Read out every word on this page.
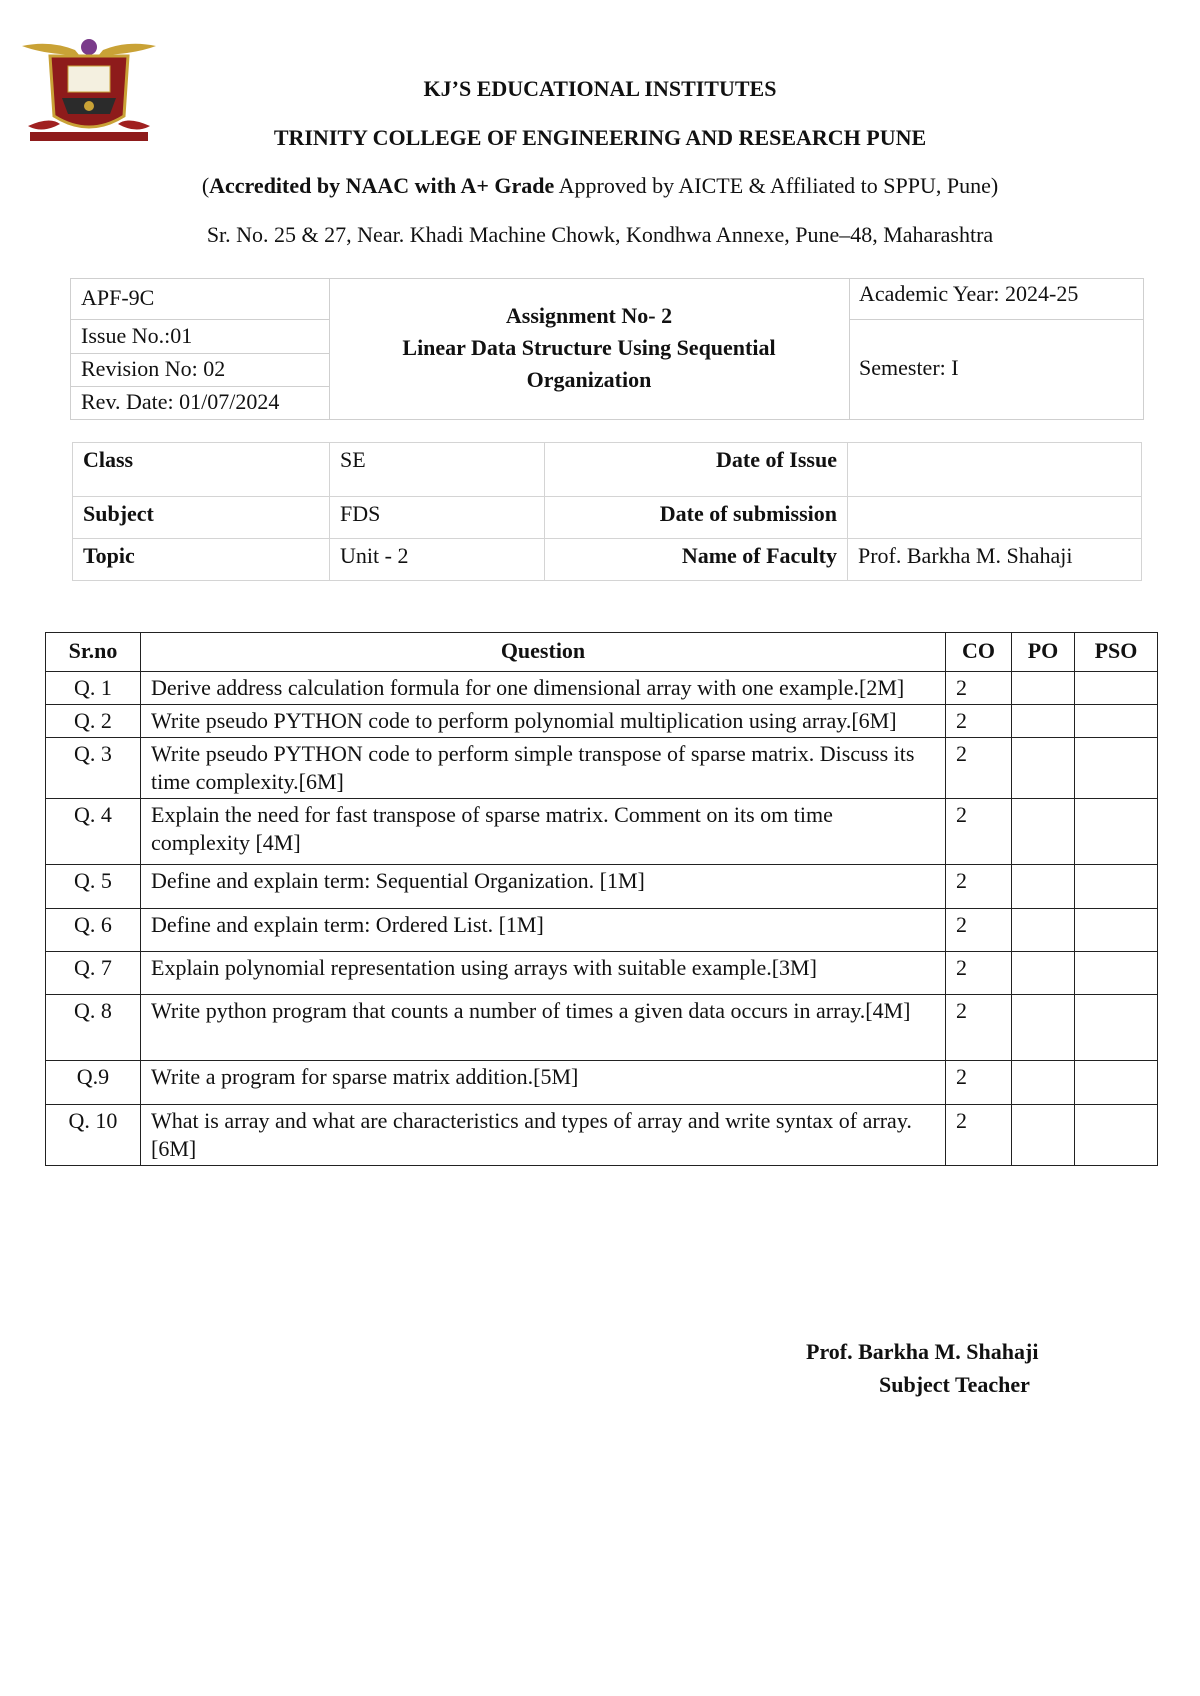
KJ’S EDUCATIONAL INSTITUTES
TRINITY COLLEGE OF ENGINEERING AND RESEARCH PUNE
(Accredited by NAAC with A+ Grade Approved by AICTE & Affiliated to SPPU, Pune)
Sr. No. 25 & 27, Near. Khadi Machine Chowk, Kondhwa Annexe, Pune–48, Maharashtra
APF-9C
Issue No.:01
Revision No: 02
Rev. Date: 01/07/2024
Assignment No- 2
Linear Data Structure Using Sequential
Organization
Academic Year: 2024-25
Semester: I
Class	SE	Date of Issue	
Subject	FDS	Date of submission	
Topic	Unit - 2	Name of Faculty	Prof. Barkha M. Shahaji
Sr.no	Question	CO	PO	PSO
Q. 1	Derive address calculation formula for one dimensional array with one example.[2M]	2		
Q. 2	Write pseudo PYTHON code to perform polynomial multiplication using array.[6M]	2		
Q. 3	Write pseudo PYTHON code to perform simple transpose of sparse matrix. Discuss its time complexity.[6M]	2		
Q. 4	Explain the need for fast transpose of sparse matrix. Comment on its om time complexity [4M]	2		
Q. 5	Define and explain term: Sequential Organization. [1M]	2		
Q. 6	Define and explain term: Ordered List. [1M]	2		
Q. 7	Explain polynomial representation using arrays with suitable example.[3M]	2		
Q. 8	Write python program that counts a number of times a given data occurs in array.[4M]	2		
Q.9	Write a program for sparse matrix addition.[5M]	2		
Q. 10	What is array and what are characteristics and types of array and write syntax of array.[6M]	2		
Prof. Barkha M. Shahaji
Subject Teacher
